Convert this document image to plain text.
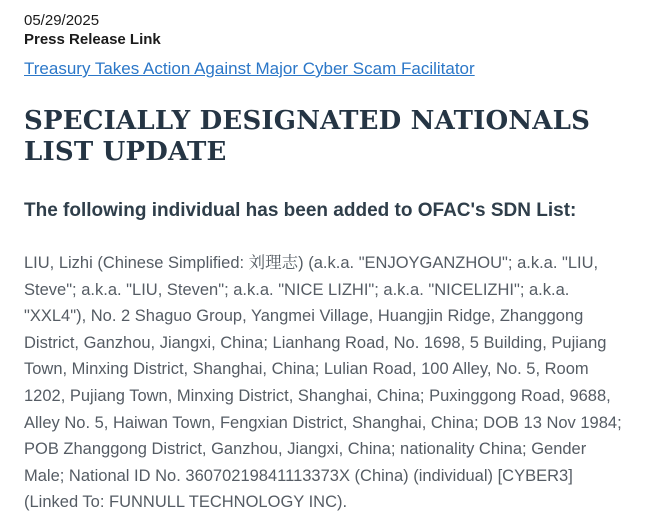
05/29/2025
Press Release Link
Treasury Takes Action Against Major Cyber Scam Facilitator
SPECIALLY DESIGNATED NATIONALS LIST UPDATE
The following individual has been added to OFAC's SDN List:

LIU, Lizhi (Chinese Simplified: 刘理志) (a.k.a. "ENJOYGANZHOU"; a.k.a. "LIU, Steve"; a.k.a. "LIU, Steven"; a.k.a. "NICE LIZHI"; a.k.a. "NICELIZHI"; a.k.a. "XXL4"), No. 2 Shaguo Group, Yangmei Village, Huangjin Ridge, Zhanggong District, Ganzhou, Jiangxi, China; Lianhang Road, No. 1698, 5 Building, Pujiang Town, Minxing District, Shanghai, China; Lulian Road, 100 Alley, No. 5, Room 1202, Pujiang Town, Minxing District, Shanghai, China; Puxinggong Road, 9688, Alley No. 5, Haiwan Town, Fengxian District, Shanghai, China; DOB 13 Nov 1984; POB Zhanggong District, Ganzhou, Jiangxi, China; nationality China; Gender Male; National ID No. 36070219841113373X (China) (individual) [CYBER3] (Linked To: FUNNULL TECHNOLOGY INC).
